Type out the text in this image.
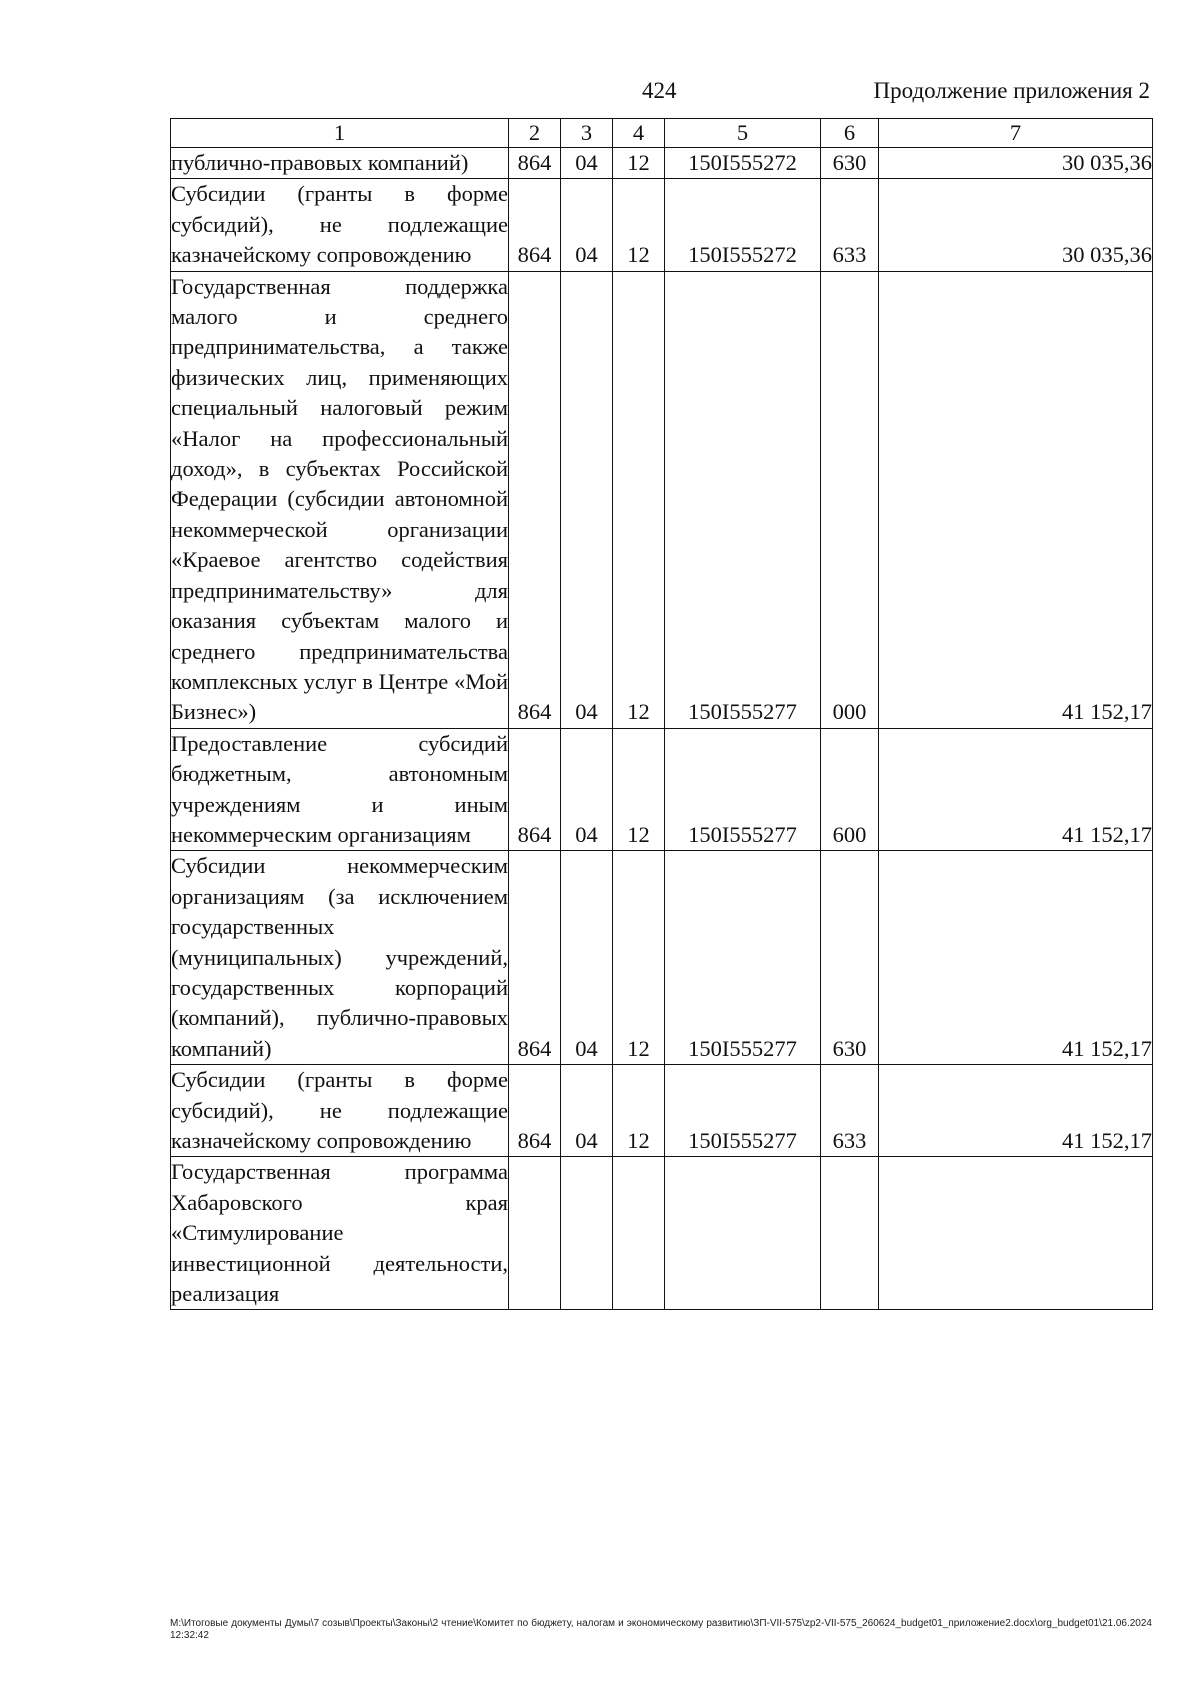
424	Продолжение приложения 2
1	2	3	4	5	6	7
публично-правовых компаний)	864	04	12	150I555272	630	30 035,36
Субсидии (гранты в форме субсидий), не подлежащие казначейскому сопровождению	864	04	12	150I555272	633	30 035,36
Государственная поддержка малого и среднего предпринимательства, а также физических лиц, применяющих специальный налоговый режим «Налог на профессиональный доход», в субъектах Российской Федерации (субсидии автономной некоммерческой организации «Краевое агентство содействия предпринимательству» для оказания субъектам малого и среднего предпринимательства комплексных услуг в Центре «Мой Бизнес»)	864	04	12	150I555277	000	41 152,17
Предоставление субсидий бюджетным, автономным учреждениям и иным некоммерческим организациям	864	04	12	150I555277	600	41 152,17
Субсидии некоммерческим организациям (за исключением государственных (муниципальных) учреждений, государственных корпораций (компаний), публично-правовых компаний)	864	04	12	150I555277	630	41 152,17
Субсидии (гранты в форме субсидий), не подлежащие казначейскому сопровождению	864	04	12	150I555277	633	41 152,17
Государственная программа Хабаровского края «Стимулирование инвестиционной деятельности, реализация						
M:\Итоговые документы Думы\7 созыв\Проекты\Законы\2 чтение\Комитет по бюджету, налогам и экономическому развитию\ЗП-VII-575\zp2-VII-575_260624_budget01_приложение2.docx\org_budget01\21.06.2024 12:32:42
